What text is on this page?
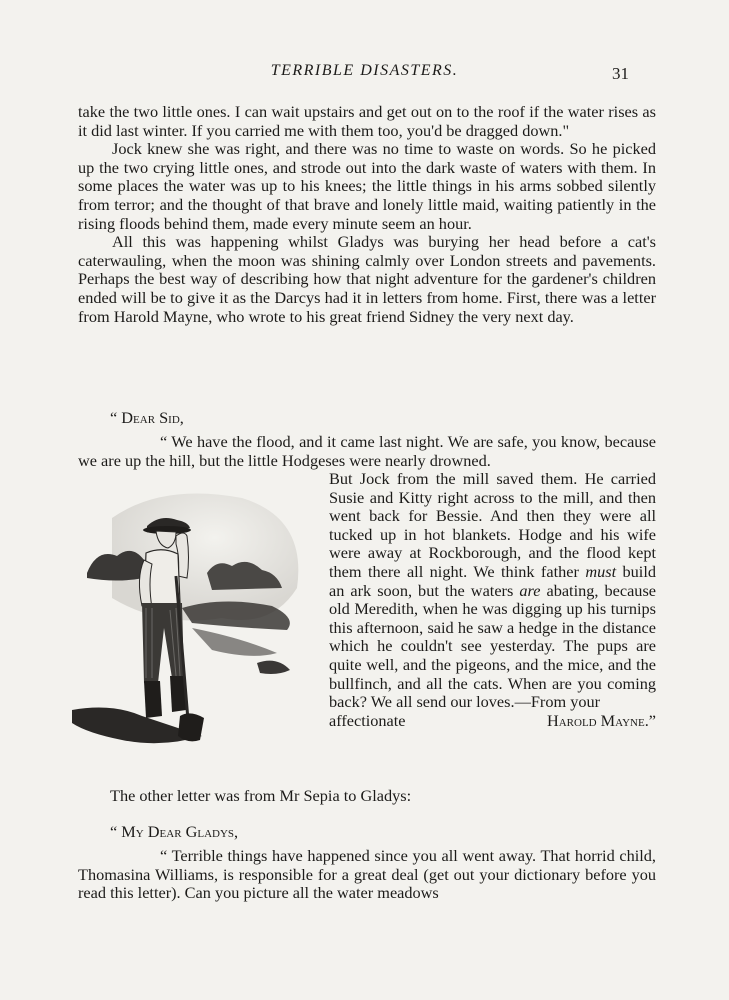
TERRIBLE DISASTERS.	31

take the two little ones. I can wait upstairs and get out on to the roof if the water rises as it did last winter. If you carried me with them too, you'd be dragged down."

Jock knew she was right, and there was no time to waste on words. So he picked up the two crying little ones, and strode out into the dark waste of waters with them. In some places the water was up to his knees; the little things in his arms sobbed silently from terror; and the thought of that brave and lonely little maid, waiting patiently in the rising floods behind them, made every minute seem an hour.

All this was happening whilst Gladys was burying her head before a cat's caterwauling, when the moon was shining calmly over London streets and pavements. Perhaps the best way of describing how that night adventure for the gardener's children ended will be to give it as the Darcys had it in letters from home. First, there was a letter from Harold Mayne, who wrote to his great friend Sidney the very next day.

“ Dear Sid,

“ We have the flood, and it came last night. We are safe, you know, because we are up the hill, but the little Hodgeses were nearly drowned.

But Jock from the mill saved them. He carried Susie and Kitty right across to the mill, and then went back for Bessie. And then they were all tucked up in hot blankets. Hodge and his wife were away at Rockborough, and the flood kept them there all night. We think father must build an ark soon, but the waters are abating, because old Meredith, when he was digging up his turnips this afternoon, said he saw a hedge in the distance which he couldn't see yesterday. The pups are quite well, and the pigeons, and the mice, and the bullfinch, and all the cats. When are you coming back? We all send our loves.—From your
affectionate	Harold Mayne.”
The other letter was from Mr Sepia to Gladys:
“ My Dear Gladys,

“ Terrible things have happened since you all went away. That horrid child, Thomasina Williams, is responsible for a great deal (get out your dictionary before you read this letter). Can you picture all the water meadows
